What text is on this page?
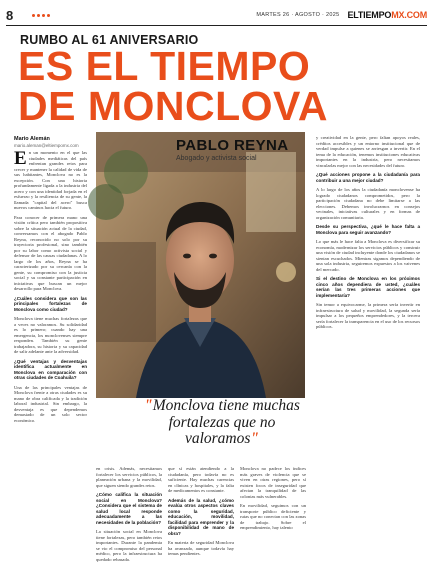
8	MARTES 26 · AGOSTO · 2025 ELTIEMPOMX.COM
RUMBO AL 61 ANIVERSARIO
ES EL TIEMPO
DE MONCLOVA
Mario Alemán
mario.aleman@eltiempomx.com

En un momento en el que las ciudades mediáticas del país enfrentan grandes retos para crecer y mantener la calidad de vida de sus habitantes, Monclova no es la excepción. Con una historia profundamente ligada a la industria del acero y con una identidad forjada en el esfuerzo y la resiliencia de su gente, la llamada "capital del acero" busca nuevos caminos hacia el futuro.

Para conocer de primera mano una visión crítica pero también propositiva sobre la situación actual de la ciudad, conversamos con el abogado Pablo Reyna, reconocido no solo por su trayectoria profesional, sino también por su labor como activista social y defensor de las causas ciudadanas. A lo largo de los años, Reyna se ha caracterizado por su cercanía con la gente, su compromiso con la justicia social y su constante participación en iniciativas que buscan un mejor desarrollo para Monclova.

¿Cuáles considera que son las principales fortalezas de Monclova como ciudad?

Monclova tiene muchas fortalezas que a veces no valoramos. Su solidaridad es lo primero; cuando hay una emergencia, los monclovenses siempre responden. También su gente trabajadora, su historia y su capacidad de salir adelante ante la adversidad.

¿Qué ventajas y desventajas identifica actualmente en Monclova en comparación con otras ciudades de Coahuila?

Una de las principales ventajas de Monclova frente a otras ciudades es su mano de obra calificada y la tradición laboral industrial. Sin embargo, la desventaja es que dependemos demasiado de un solo sector económico.

PABLO REYNA
Abogado y activista social

y creatividad en la gente, pero faltan apoyos reales, créditos accesibles y un entorno institucional que de verdad impulse a quienes se arriesgan a invertir. En el tema de la educación, tenemos instituciones educativas importantes en la industria, pero necesitamos vincularlas mejor con las necesidades del futuro.

¿Qué acciones propone a la ciudadanía para contribuir a una mejor ciudad?

A lo largo de los años la ciudadanía monclovense ha logrado ciudadanos comprometidos, pero la participación ciudadana no debe limitarse a las elecciones. Debemos involucrarnos en consejos vecinales, iniciativas culturales y en formas de organización comunitaria.

Desde su perspectiva, ¿qué le hace falta a Monclova para seguir avanzando?

Lo que más le hace falta a Monclova es diversificar su economía, modernizar los servicios públicos y construir una visión de ciudad incluyente donde los ciudadanos se sientan escuchados. Mientras sigamos dependiendo de una sola industria, seguiremos expuestos a los vaivenes del mercado.

Si el destino de Monclova en los próximos cinco años dependiera de usted, ¿cuáles serían las tres primeras acciones que implementaría?

Sin temor a equivocarme, la primera sería invertir en infraestructura de salud y movilidad, la segunda sería impulsar a los pequeños emprendedores, y la tercera sería fortalecer la transparencia en el uso de los recursos públicos.

"Monclova tiene muchas fortalezas que no valoramos"

en crisis. Además, necesitamos fortalecer los servicios públicos, la planeación urbana y la movilidad, que siguen siendo grandes retos.

¿Cómo califica la situación social en Monclova? ¿Considera que el sistema de salud local responde adecuadamente a las necesidades de la población?

La situación social en Monclova tiene fortalezas, pero también retos importantes. Durante la pandemia se vio el compromiso del personal médico, pero la infraestructura ha quedado rebasada.

que sí están atendiendo a la ciudadanía, pero todavía no es suficiente. Hay muchas carencias en clínicas y hospitales, y la falta de medicamentos es constante.

Además de la salud, ¿cómo evalúa otros aspectos claves como la seguridad, educación, movilidad, facilidad para emprender y la disponibilidad de mano de obra?

En materia de seguridad Monclova ha avanzado, aunque todavía hay temas pendientes.

Monclova no padece los índices más graves de violencia que se viven en otras regiones, pero sí existen focos de inseguridad que afectan la tranquilidad de las colonias más vulnerables.

En movilidad, seguimos con un transporte público deficiente y rutas que no conectan con las zonas de trabajo. Sobre el emprendimiento, hay talento
